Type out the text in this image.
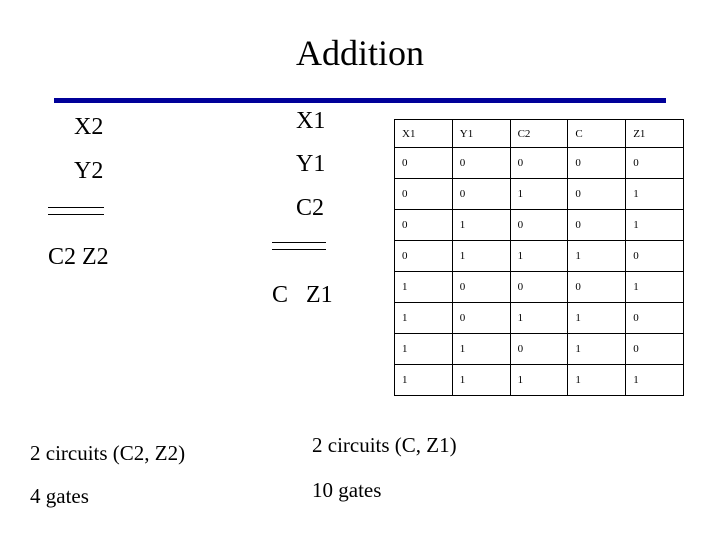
Addition
X2
Y2
C2 Z2
X1
Y1
C2
C   Z1
X1	Y1	C2	C	Z1
0	0	0	0	0
0	0	1	0	1
0	1	0	0	1
0	1	1	1	0
1	0	0	0	1
1	0	1	1	0
1	1	0	1	0
1	1	1	1	1
2 circuits (C2, Z2)
4 gates
2 circuits (C, Z1)
10 gates
